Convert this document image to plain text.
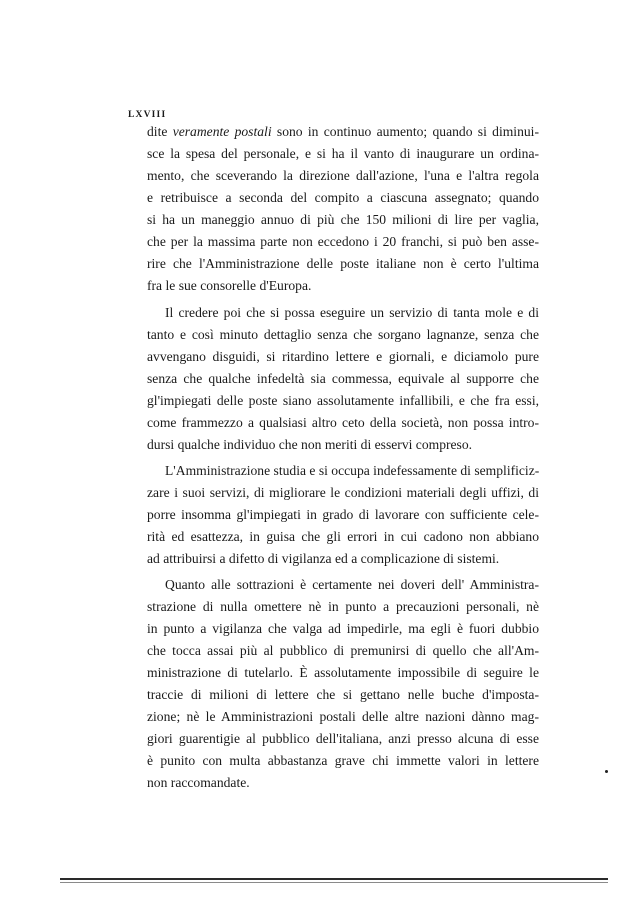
LXVIII
dite veramente postali sono in continuo aumento; quando si diminui-
sce la spesa del personale, e si ha il vanto di inaugurare un ordina-
mento, che sceverando la direzione dall'azione, l'una e l'altra regola
e retribuisce a seconda del compito a ciascuna assegnato; quando
si ha un maneggio annuo di più che 150 milioni di lire per vaglia,
che per la massima parte non eccedono i 20 franchi, si può ben asse-
rire che l'Amministrazione delle poste italiane non è certo l'ultima
fra le sue consorelle d'Europa.
Il credere poi che si possa eseguire un servizio di tanta mole e di
tanto e così minuto dettaglio senza che sorgano lagnanze, senza che
avvengano disguidi, si ritardino lettere e giornali, e diciamolo pure
senza che qualche infedeltà sia commessa, equivale al supporre che
gl'impiegati delle poste siano assolutamente infallibili, e che fra essi,
come frammezzo a qualsiasi altro ceto della società, non possa intro-
dursi qualche individuo che non meriti di esservi compreso.
L'Amministrazione studia e si occupa indefessamente di semplificiz-
zare i suoi servizi, di migliorare le condizioni materiali degli uffizi, di
porre insomma gl'impiegati in grado di lavorare con sufficiente cele-
rità ed esattezza, in guisa che gli errori in cui cadono non abbiano
ad attribuirsi a difetto di vigilanza ed a complicazione di sistemi.
Quanto alle sottrazioni è certamente nei doveri dell' Amministra-
strazione di nulla omettere nè in punto a precauzioni personali, nè
in punto a vigilanza che valga ad impedirle, ma egli è fuori dubbio
che tocca assai più al pubblico di premunirsi di quello che all'Am-
ministrazione di tutelarlo. È assolutamente impossibile di seguire le
traccie di milioni di lettere che si gettano nelle buche d'imposta-
zione; nè le Amministrazioni postali delle altre nazioni dànno mag-
giori guarentigie al pubblico dell'italiana, anzi presso alcuna di esse
è punito con multa abbastanza grave chi immette valori in lettere
non raccomandate.
